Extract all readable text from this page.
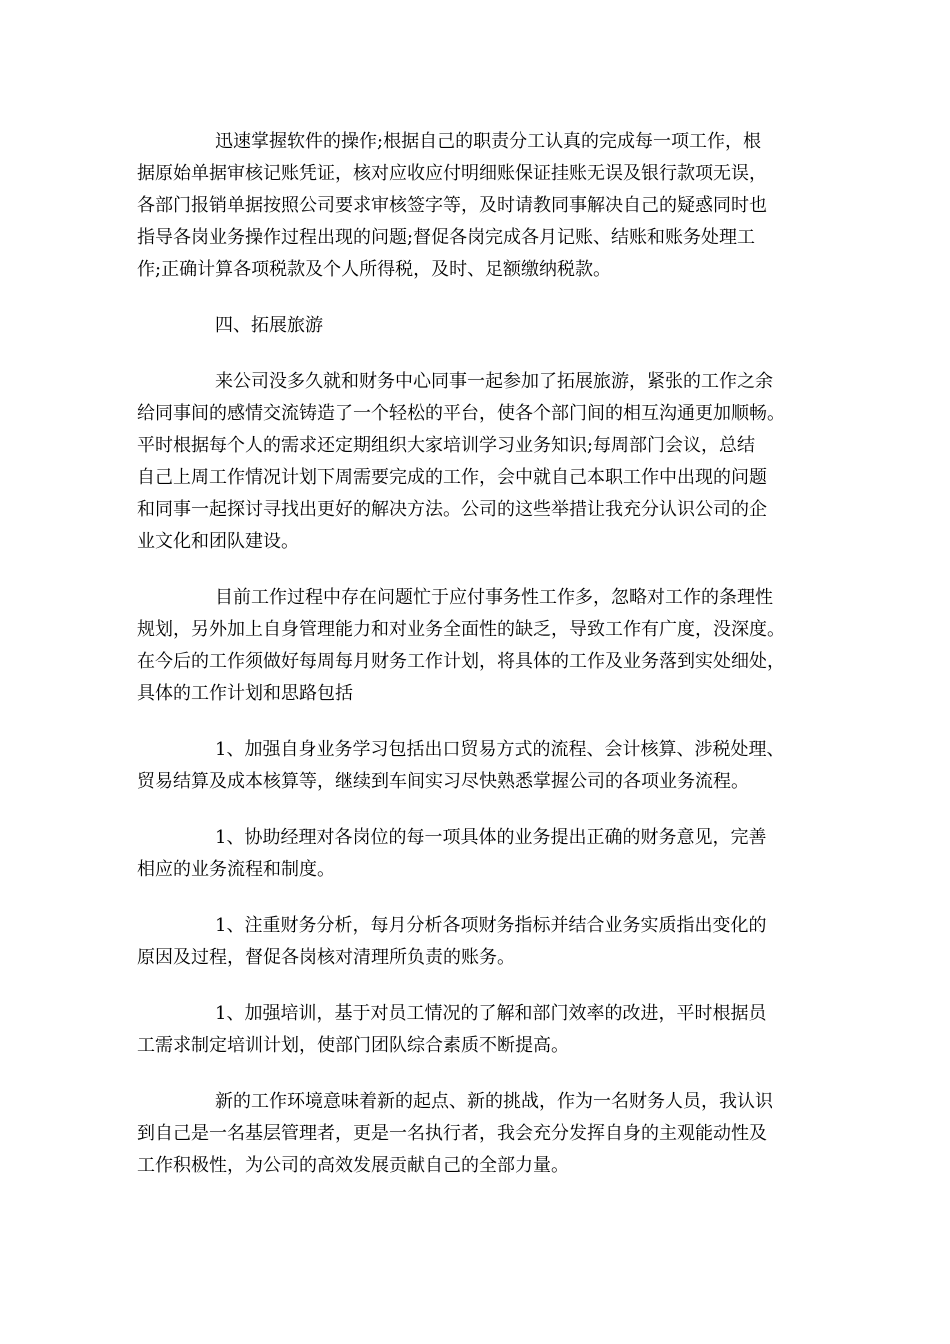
迅速掌握软件的操作;根据自己的职责分工认真的完成每一项工作，根
据原始单据审核记账凭证，核对应收应付明细账保证挂账无误及银行款项无误，
各部门报销单据按照公司要求审核签字等，及时请教同事解决自己的疑惑同时也
指导各岗业务操作过程出现的问题;督促各岗完成各月记账、结账和账务处理工
作;正确计算各项税款及个人所得税，及时、足额缴纳税款。
四、拓展旅游
来公司没多久就和财务中心同事一起参加了拓展旅游，紧张的工作之余
给同事间的感情交流铸造了一个轻松的平台，使各个部门间的相互沟通更加顺畅。
平时根据每个人的需求还定期组织大家培训学习业务知识;每周部门会议，总结
自己上周工作情况计划下周需要完成的工作，会中就自己本职工作中出现的问题
和同事一起探讨寻找出更好的解决方法。公司的这些举措让我充分认识公司的企
业文化和团队建设。
目前工作过程中存在问题忙于应付事务性工作多，忽略对工作的条理性
规划，另外加上自身管理能力和对业务全面性的缺乏，导致工作有广度，没深度。
在今后的工作须做好每周每月财务工作计划，将具体的工作及业务落到实处细处，
具体的工作计划和思路包括
1、加强自身业务学习包括出口贸易方式的流程、会计核算、涉税处理、
贸易结算及成本核算等，继续到车间实习尽快熟悉掌握公司的各项业务流程。
1、协助经理对各岗位的每一项具体的业务提出正确的财务意见，完善
相应的业务流程和制度。
1、注重财务分析，每月分析各项财务指标并结合业务实质指出变化的
原因及过程，督促各岗核对清理所负责的账务。
1、加强培训，基于对员工情况的了解和部门效率的改进，平时根据员
工需求制定培训计划，使部门团队综合素质不断提高。
新的工作环境意味着新的起点、新的挑战，作为一名财务人员，我认识
到自己是一名基层管理者，更是一名执行者，我会充分发挥自身的主观能动性及
工作积极性，为公司的高效发展贡献自己的全部力量。
